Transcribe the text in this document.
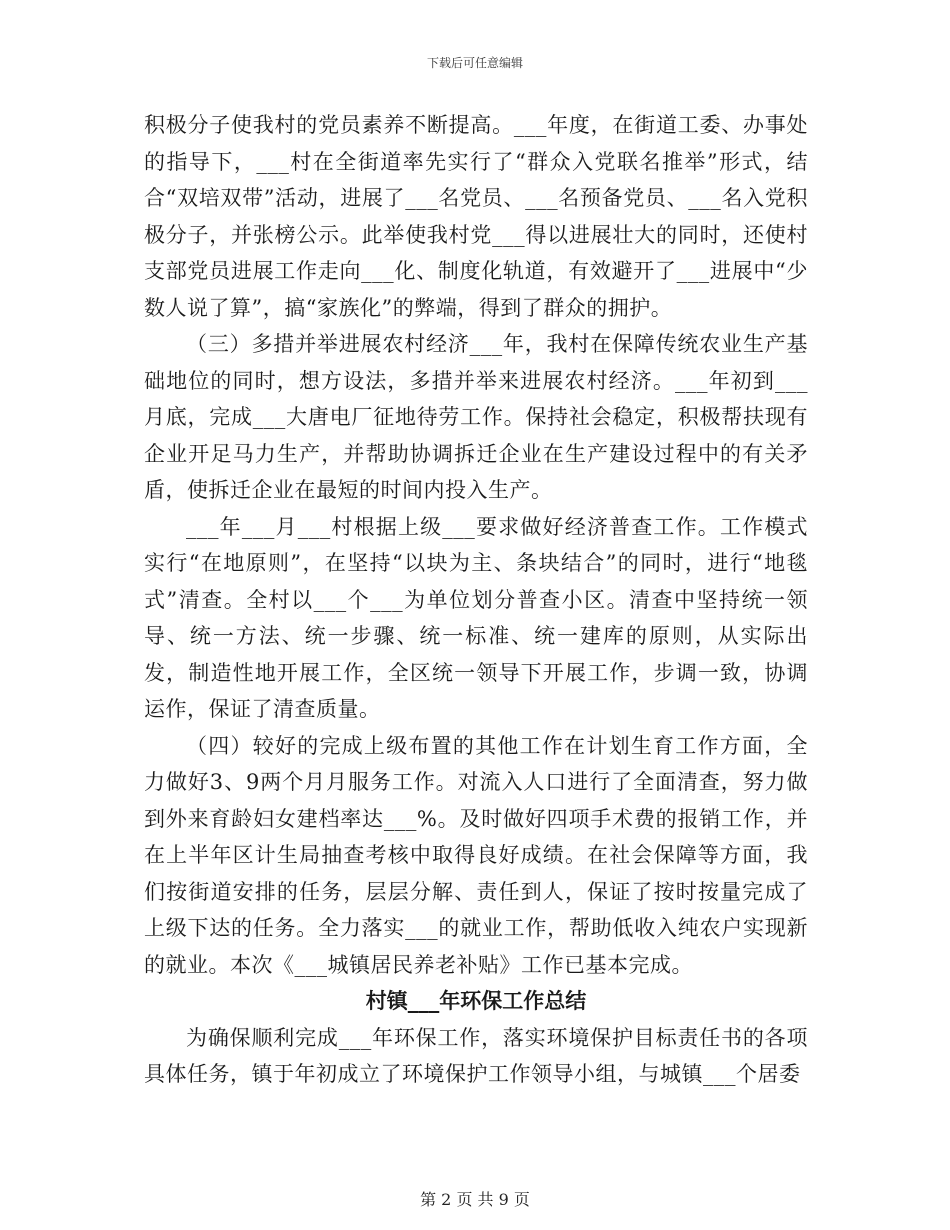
下载后可任意编辑

积极分子使我村的党员素养不断提高。___年度，在街道工委、办事处的指导下，___村在全街道率先实行了“群众入党联名推举”形式，结合“双培双带”活动，进展了___名党员、___名预备党员、___名入党积极分子，并张榜公示。此举使我村党___得以进展壮大的同时，还使村支部党员进展工作走向___化、制度化轨道，有效避开了___进展中“少数人说了算”，搞“家族化”的弊端，得到了群众的拥护。

（三）多措并举进展农村经济___年，我村在保障传统农业生产基础地位的同时，想方设法，多措并举来进展农村经济。___年初到___月底，完成___大唐电厂征地待劳工作。保持社会稳定，积极帮扶现有企业开足马力生产，并帮助协调拆迁企业在生产建设过程中的有关矛盾，使拆迁企业在最短的时间内投入生产。

___年___月___村根据上级___要求做好经济普查工作。工作模式实行“在地原则”，在坚持“以块为主、条块结合”的同时，进行“地毯式”清查。全村以___个___为单位划分普查小区。清查中坚持统一领导、统一方法、统一步骤、统一标准、统一建库的原则，从实际出发，制造性地开展工作，全区统一领导下开展工作，步调一致，协调运作，保证了清查质量。

（四）较好的完成上级布置的其他工作在计划生育工作方面，全力做好3、9两个月月服务工作。对流入人口进行了全面清查，努力做到外来育龄妇女建档率达___%。及时做好四项手术费的报销工作，并在上半年区计生局抽查考核中取得良好成绩。在社会保障等方面，我们按街道安排的任务，层层分解、责任到人，保证了按时按量完成了上级下达的任务。全力落实___的就业工作，帮助低收入纯农户实现新的就业。本次《___城镇居民养老补贴》工作已基本完成。

村镇___年环保工作总结

为确保顺利完成___年环保工作，落实环境保护目标责任书的各项具体任务，镇于年初成立了环境保护工作领导小组，与城镇___个居委

第 2 页 共 9 页
